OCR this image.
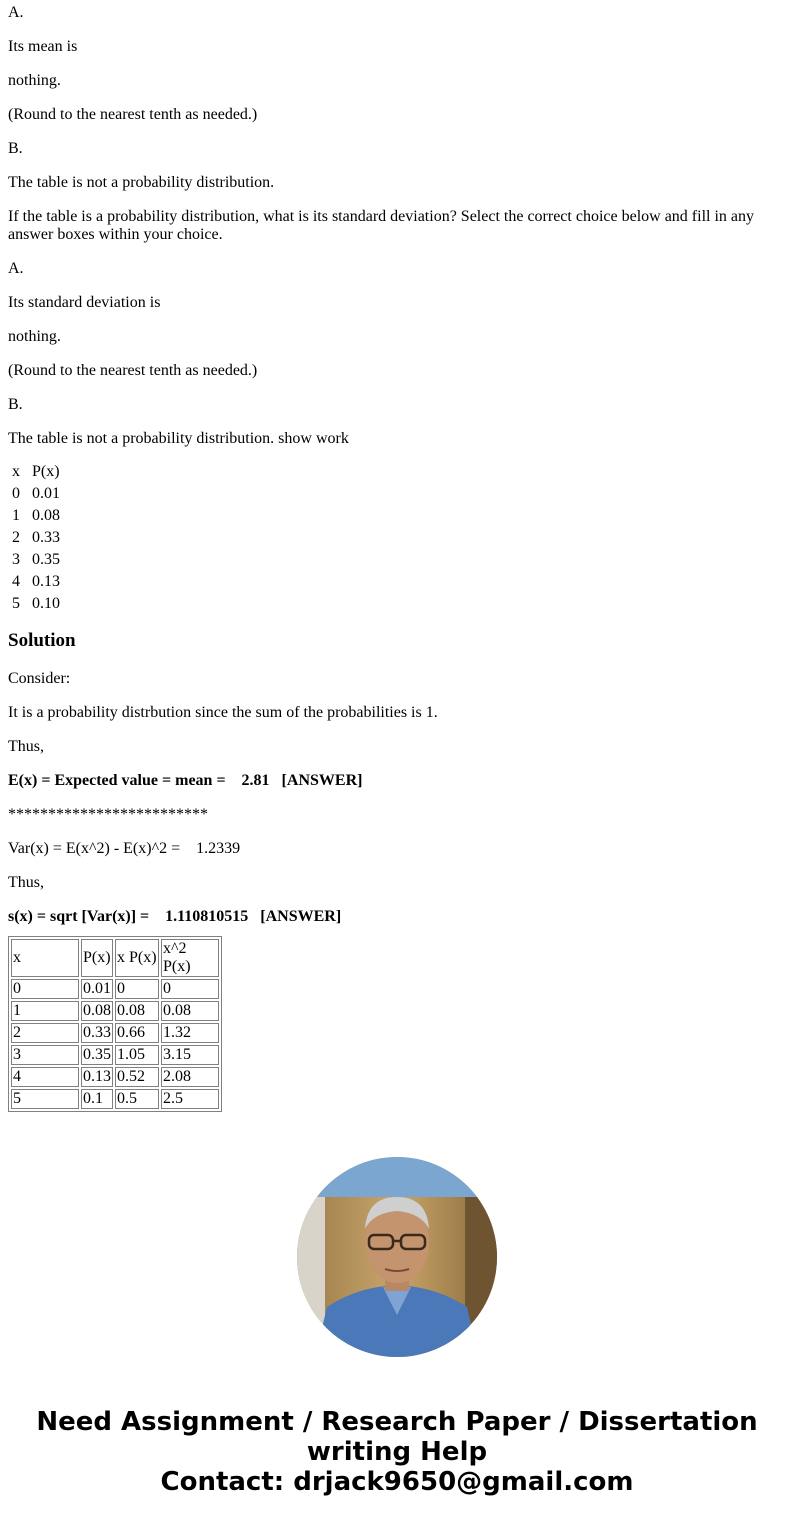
A.
Its mean is
nothing.
(Round to the nearest tenth as needed.)
B.
The table is not a probability distribution.
If the table is a probability distribution, what is its standard deviation? Select the correct choice below and fill in any answer boxes within your choice.
A.
Its standard deviation is
nothing.
(Round to the nearest tenth as needed.)
B.
The table is not a probability distribution. show work
x	P(x)
0	0.01
1	0.08
2	0.33
3	0.35
4	0.13
5	0.10
Solution
Consider:
It is a probability distrbution since the sum of the probabilities is 1.
Thus,
E(x) = Expected value = mean =    2.81   [ANSWER]
*************************
Var(x) = E(x^2) - E(x)^2 =    1.2339
Thus,
s(x) = sqrt [Var(x)] =    1.110810515   [ANSWER]
x	P(x)	x P(x)	x^2 P(x)
0	0.01	0	0
1	0.08	0.08	0.08
2	0.33	0.66	1.32
3	0.35	1.05	3.15
4	0.13	0.52	2.08
5	0.1	0.5	2.5
Need Assignment / Research Paper / Dissertation
writing Help
Contact: drjack9650@gmail.com
